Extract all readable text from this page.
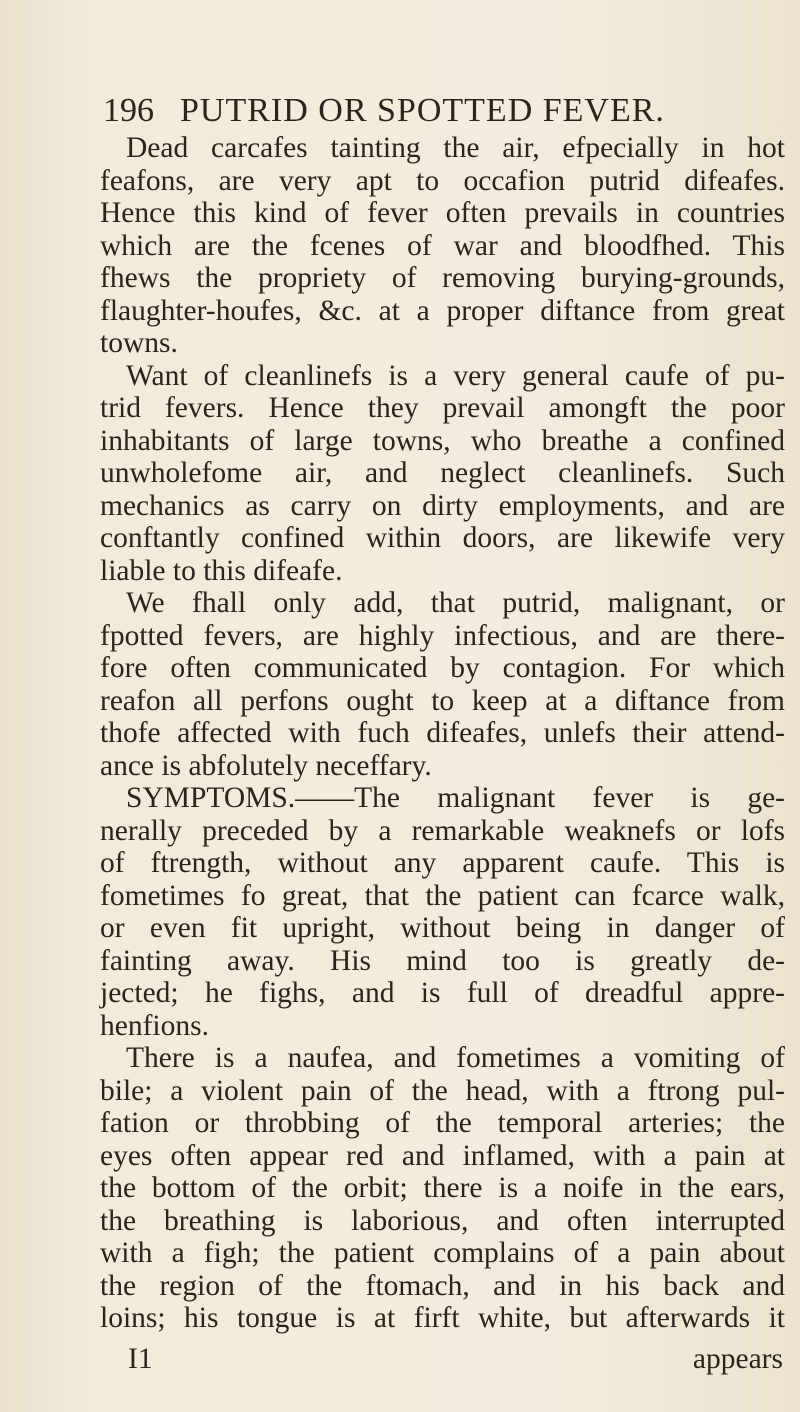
196 PUTRID OR SPOTTED FEVER.
Dead carcafes tainting the air, efpecially in hot
feafons, are very apt to occafion putrid difeafes.
Hence this kind of fever often prevails in countries
which are the fcenes of war and bloodfhed. This
fhews the propriety of removing burying-grounds,
flaughter-houfes, &c. at a proper diftance from great
towns.
Want of cleanlinefs is a very general caufe of pu-
trid fevers. Hence they prevail amongft the poor
inhabitants of large towns, who breathe a confined
unwholefome air, and neglect cleanlinefs. Such
mechanics as carry on dirty employments, and are
conftantly confined within doors, are likewife very
liable to this difeafe.
We fhall only add, that putrid, malignant, or
fpotted fevers, are highly infectious, and are there-
fore often communicated by contagion. For which
reafon all perfons ought to keep at a diftance from
thofe affected with fuch difeafes, unlefs their attend-
ance is abfolutely neceffary.
SYMPTOMS.——The malignant fever is ge-
nerally preceded by a remarkable weaknefs or lofs
of ftrength, without any apparent caufe. This is
fometimes fo great, that the patient can fcarce walk,
or even fit upright, without being in danger of
fainting away. His mind too is greatly de-
jected; he fighs, and is full of dreadful appre-
henfions.
There is a naufea, and fometimes a vomiting of
bile; a violent pain of the head, with a ftrong pul-
fation or throbbing of the temporal arteries; the
eyes often appear red and inflamed, with a pain at
the bottom of the orbit; there is a noife in the ears,
the breathing is laborious, and often interrupted
with a figh; the patient complains of a pain about
the region of the ftomach, and in his back and
loins; his tongue is at firft white, but afterwards it
I1	appears
